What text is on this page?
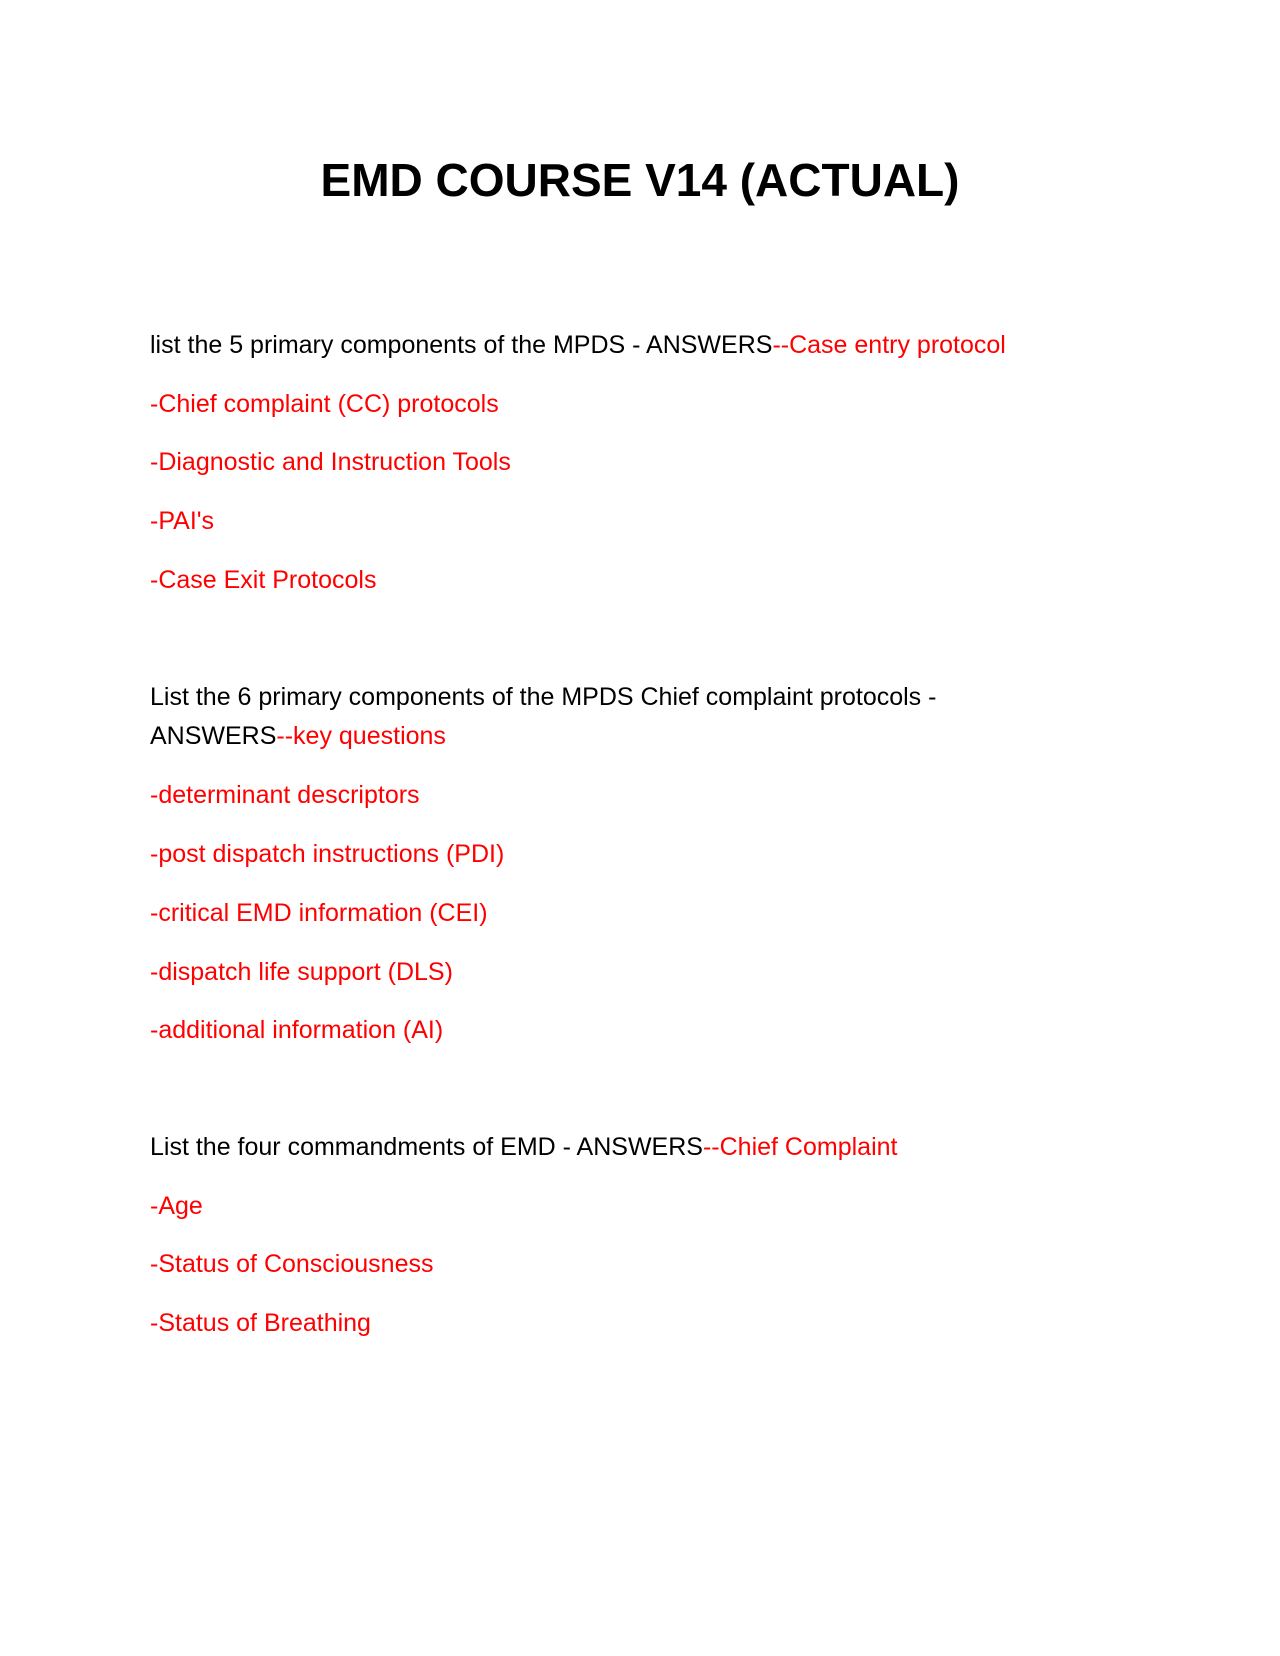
EMD COURSE V14 (ACTUAL)
list the 5 primary components of the MPDS - ANSWERS--Case entry protocol
-Chief complaint (CC) protocols
-Diagnostic and Instruction Tools
-PAI's
-Case Exit Protocols
List the 6 primary components of the MPDS Chief complaint protocols -
ANSWERS--key questions
-determinant descriptors
-post dispatch instructions (PDI)
-critical EMD information (CEI)
-dispatch life support (DLS)
-additional information (AI)
List the four commandments of EMD - ANSWERS--Chief Complaint
-Age
-Status of Consciousness
-Status of Breathing
